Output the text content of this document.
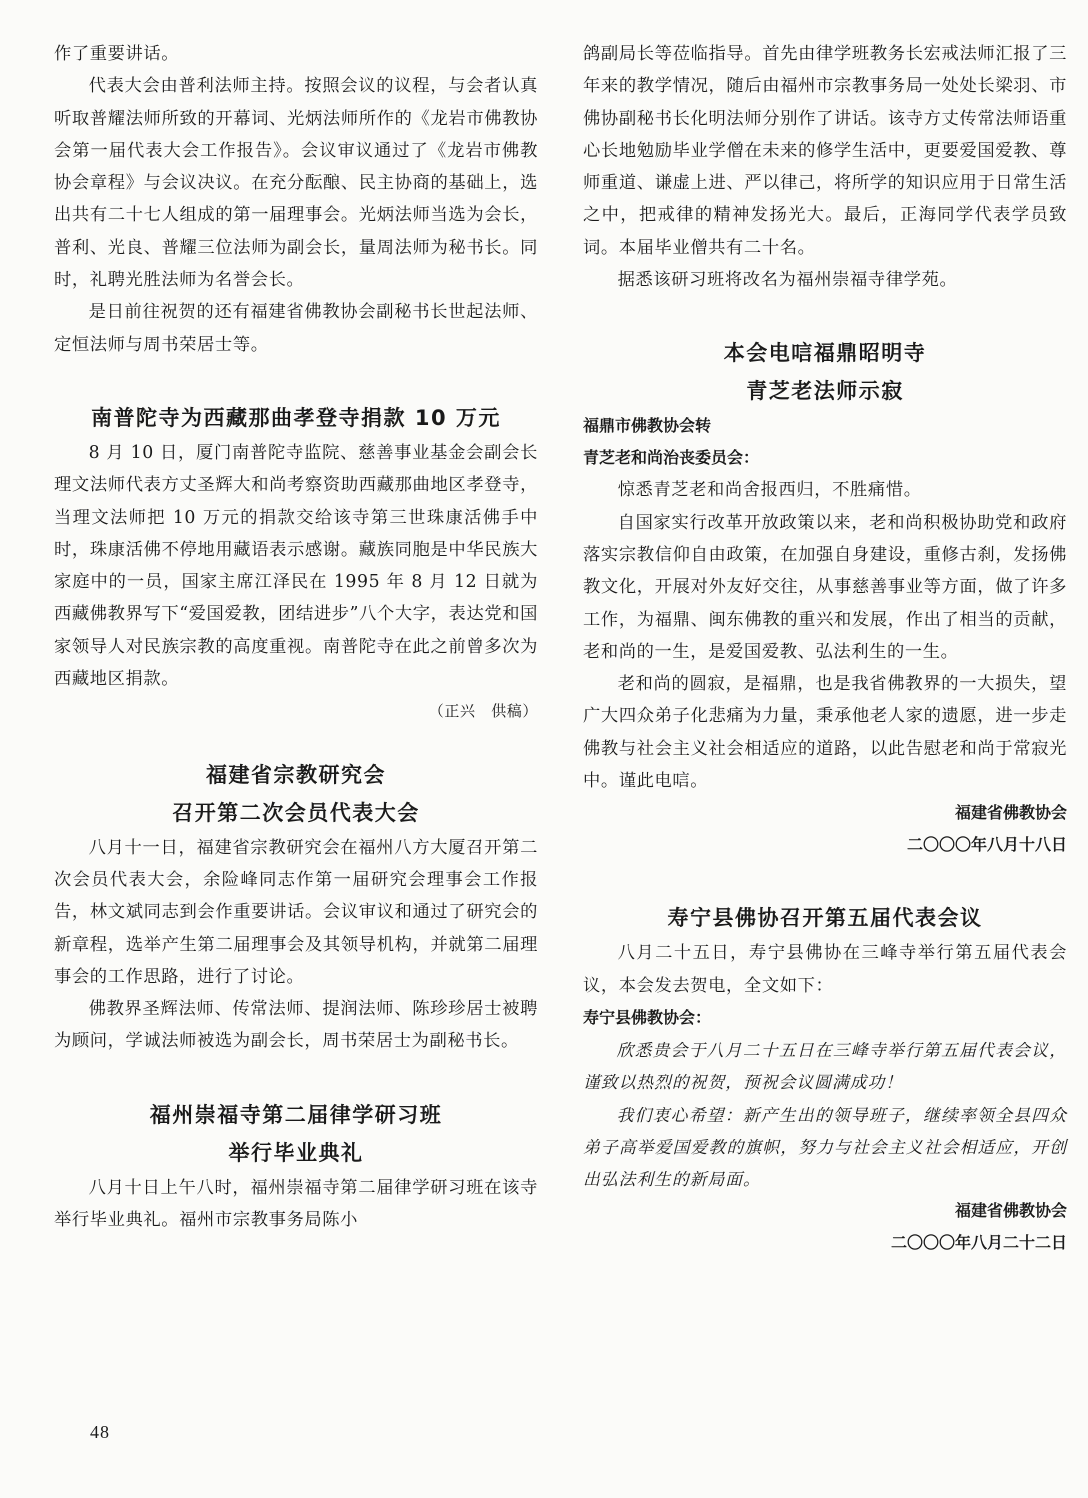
作了重要讲话。

代表大会由普利法师主持。按照会议的议程，与会者认真听取普耀法师所致的开幕词、光炳法师所作的《龙岩市佛教协会第一届代表大会工作报告》。会议审议通过了《龙岩市佛教协会章程》与会议决议。在充分酝酿、民主协商的基础上，选出共有二十七人组成的第一届理事会。光炳法师当选为会长，普利、光良、普耀三位法师为副会长，量周法师为秘书长。同时，礼聘光胜法师为名誉会长。

是日前往祝贺的还有福建省佛教协会副秘书长世起法师、定恒法师与周书荣居士等。

南普陀寺为西藏那曲孝登寺捐款 10 万元

8 月 10 日，厦门南普陀寺监院、慈善事业基金会副会长理文法师代表方丈圣辉大和尚考察资助西藏那曲地区孝登寺，当理文法师把 10 万元的捐款交给该寺第三世珠康活佛手中时，珠康活佛不停地用藏语表示感谢。藏族同胞是中华民族大家庭中的一员，国家主席江泽民在 1995 年 8 月 12 日就为西藏佛教界写下“爱国爱教，团结进步”八个大字，表达党和国家领导人对民族宗教的高度重视。南普陀寺在此之前曾多次为西藏地区捐款。

（正兴　供稿）

福建省宗教研究会
召开第二次会员代表大会

八月十一日，福建省宗教研究会在福州八方大厦召开第二次会员代表大会，余险峰同志作第一届研究会理事会工作报告，林文斌同志到会作重要讲话。会议审议和通过了研究会的新章程，选举产生第二届理事会及其领导机构，并就第二届理事会的工作思路，进行了讨论。

佛教界圣辉法师、传常法师、提润法师、陈珍珍居士被聘为顾问，学诚法师被选为副会长，周书荣居士为副秘书长。

福州崇福寺第二届律学研习班
举行毕业典礼

八月十日上午八时，福州崇福寺第二届律学研习班在该寺举行毕业典礼。福州市宗教事务局陈小

鸽副局长等莅临指导。首先由律学班教务长宏戒法师汇报了三年来的教学情况，随后由福州市宗教事务局一处处长梁羽、市佛协副秘书长化明法师分别作了讲话。该寺方丈传常法师语重心长地勉励毕业学僧在未来的修学生活中，更要爱国爱教、尊师重道、谦虚上进、严以律己，将所学的知识应用于日常生活之中，把戒律的精神发扬光大。最后，正海同学代表学员致词。本届毕业僧共有二十名。

据悉该研习班将改名为福州崇福寺律学苑。

本会电唁福鼎昭明寺
青芝老法师示寂
福鼎市佛教协会转
青芝老和尚治丧委员会：

惊悉青芝老和尚舍报西归，不胜痛惜。

自国家实行改革开放政策以来，老和尚积极协助党和政府落实宗教信仰自由政策，在加强自身建设，重修古刹，发扬佛教文化，开展对外友好交往，从事慈善事业等方面，做了许多工作，为福鼎、闽东佛教的重兴和发展，作出了相当的贡献，老和尚的一生，是爱国爱教、弘法利生的一生。

老和尚的圆寂，是福鼎，也是我省佛教界的一大损失，望广大四众弟子化悲痛为力量，秉承他老人家的遗愿，进一步走佛教与社会主义社会相适应的道路，以此告慰老和尚于常寂光中。谨此电唁。

福建省佛教协会
二〇〇〇年八月十八日
寿宁县佛协召开第五届代表会议

八月二十五日，寿宁县佛协在三峰寺举行第五届代表会议，本会发去贺电，全文如下：

寿宁县佛教协会：

欣悉贵会于八月二十五日在三峰寺举行第五届代表会议，谨致以热烈的祝贺，预祝会议圆满成功！

我们衷心希望：新产生出的领导班子，继续率领全县四众弟子高举爱国爱教的旗帜，努力与社会主义社会相适应，开创出弘法利生的新局面。

福建省佛教协会
二〇〇〇年八月二十二日
48
